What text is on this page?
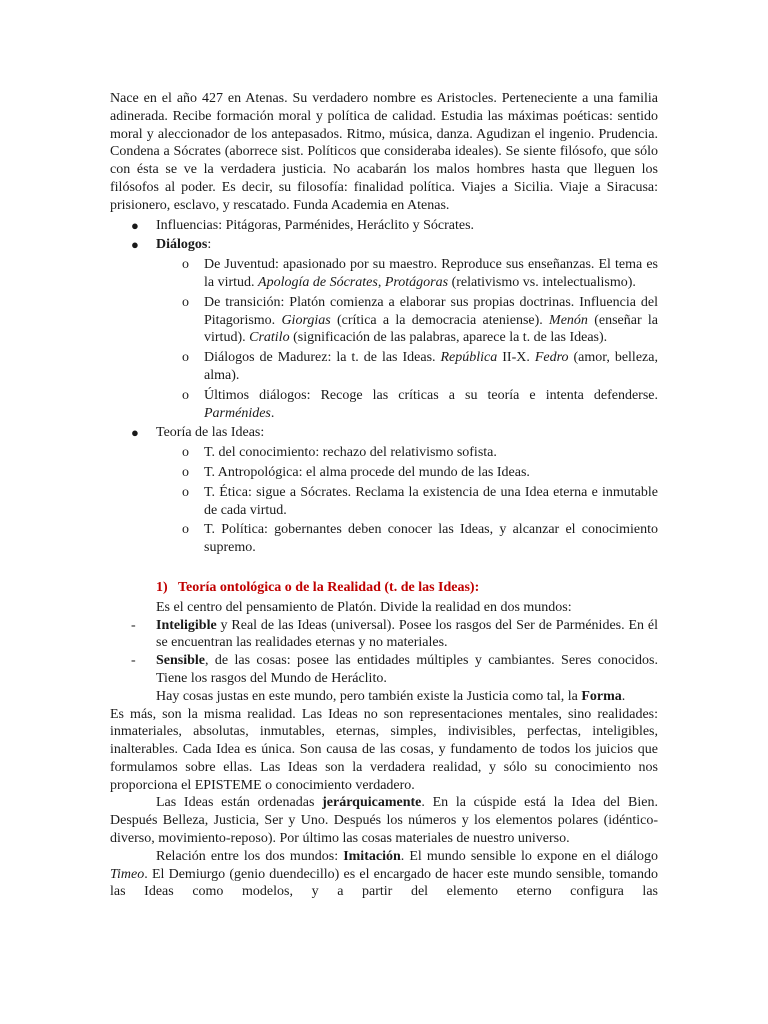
Nace en el año 427 en Atenas. Su verdadero nombre es Aristocles. Perteneciente a una familia adinerada. Recibe formación moral y política de calidad. Estudia las máximas poéticas: sentido moral y aleccionador de los antepasados. Ritmo, música, danza. Agudizan el ingenio. Prudencia. Condena a Sócrates (aborrece sist. Políticos que consideraba ideales). Se siente filósofo, que sólo con ésta se ve la verdadera justicia. No acabarán los malos hombres hasta que lleguen los filósofos al poder. Es decir, su filosofía: finalidad política. Viajes a Sicilia. Viaje a Siracusa: prisionero, esclavo, y rescatado. Funda Academia en Atenas.

● Influencias: Pitágoras, Parménides, Heráclito y Sócrates.
● Diálogos:
o De Juventud: apasionado por su maestro. Reproduce sus enseñanzas. El tema es la virtud. Apología de Sócrates, Protágoras (relativismo vs. intelectualismo).
o De transición: Platón comienza a elaborar sus propias doctrinas. Influencia del Pitagorismo. Giorgias (crítica a la democracia ateniense). Menón (enseñar la virtud). Cratilo (significación de las palabras, aparece la t. de las Ideas).
o Diálogos de Madurez: la t. de las Ideas. República II-X. Fedro (amor, belleza, alma).
o Últimos diálogos: Recoge las críticas a su teoría e intenta defenderse. Parménides.
● Teoría de las Ideas:
o T. del conocimiento: rechazo del relativismo sofista.
o T. Antropológica: el alma procede del mundo de las Ideas.
o T. Ética: sigue a Sócrates. Reclama la existencia de una Idea eterna e inmutable de cada virtud.
o T. Política: gobernantes deben conocer las Ideas, y alcanzar el conocimiento supremo.

1) Teoría ontológica o de la Realidad (t. de las Ideas):

Es el centro del pensamiento de Platón. Divide la realidad en dos mundos:

- Inteligible y Real de las Ideas (universal). Posee los rasgos del Ser de Parménides. En él se encuentran las realidades eternas y no materiales.
- Sensible, de las cosas: posee las entidades múltiples y cambiantes. Seres conocidos. Tiene los rasgos del Mundo de Heráclito.

Hay cosas justas en este mundo, pero también existe la Justicia como tal, la Forma.

Es más, son la misma realidad. Las Ideas no son representaciones mentales, sino realidades: inmateriales, absolutas, inmutables, eternas, simples, indivisibles, perfectas, inteligibles, inalterables. Cada Idea es única. Son causa de las cosas, y fundamento de todos los juicios que formulamos sobre ellas. Las Ideas son la verdadera realidad, y sólo su conocimiento nos proporciona el EPISTEME o conocimiento verdadero.

Las Ideas están ordenadas jerárquicamente. En la cúspide está la Idea del Bien. Después Belleza, Justicia, Ser y Uno. Después los números y los elementos polares (idéntico-diverso, movimiento-reposo). Por último las cosas materiales de nuestro universo.

Relación entre los dos mundos: Imitación. El mundo sensible lo expone en el diálogo Timeo. El Demiurgo (genio duendecillo) es el encargado de hacer este mundo sensible, tomando las Ideas como modelos, y a partir del elemento eterno configura las
